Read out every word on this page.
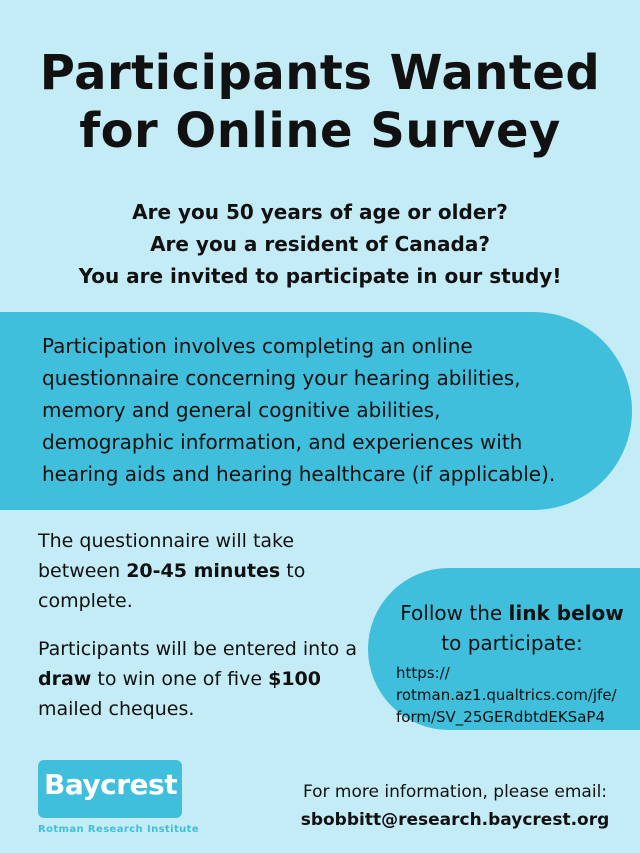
Participants Wanted
for Online Survey
Are you 50 years of age or older?
Are you a resident of Canada?
You are invited to participate in our study!
Participation involves completing an online
questionnaire concerning your hearing abilities,
memory and general cognitive abilities,
demographic information, and experiences with
hearing aids and hearing healthcare (if applicable).

The questionnaire will take between 20-45 minutes to complete.

Participants will be entered into a draw to win one of five $100 mailed cheques.

Follow the link below
to participate:
https://
rotman.az1.qualtrics.com/jfe/
form/SV_25GERdbtdEKSaP4
Baycrest
Rotman Research Institute
For more information, please email:
sbobbitt@research.baycrest.org
